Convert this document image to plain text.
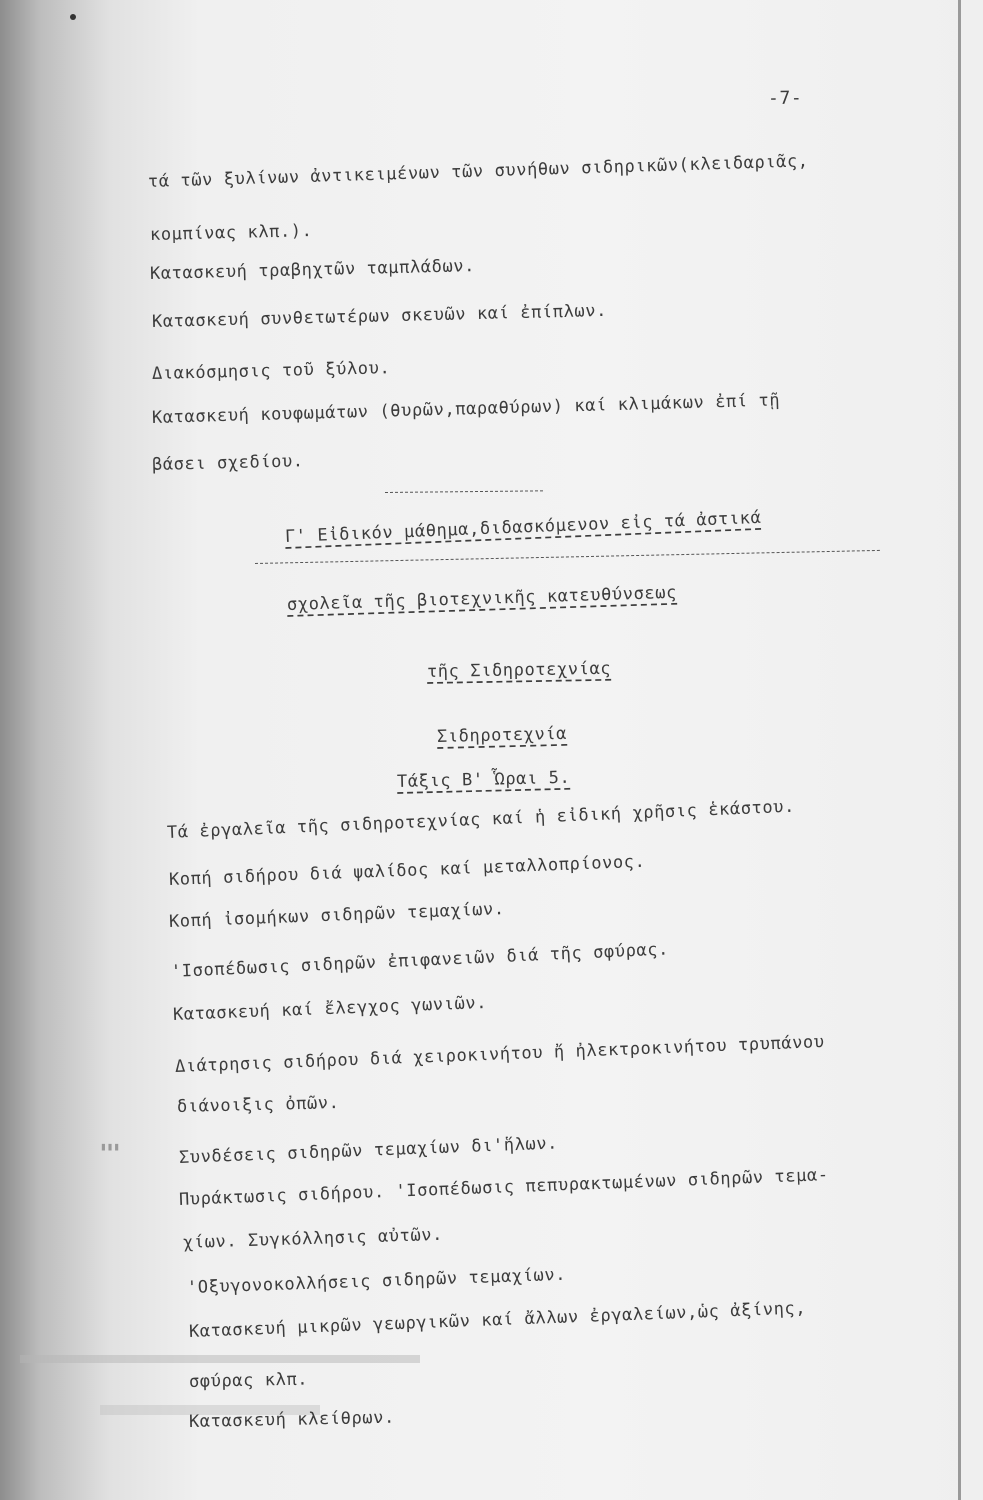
▮▮▮
-7-
τά τῶν ξυλίνων ἀντικειμένων τῶν συνήθων σιδηρικῶν(κλειδαριᾶς,
κομπίνας κλπ.).
Κατασκευή τραβηχτῶν ταμπλάδων.
Κατασκευή συνθετωτέρων σκευῶν καί ἐπίπλων.
Διακόσμησις τοῦ ξύλου.
Κατασκευή κουφωμάτων (θυρῶν,παραθύρων) καί κλιμάκων ἐπί τῇ
βάσει σχεδίου.
Γ' Εἰδικόν μάθημα,διδασκόμενον εἰς τά ἀστικά
σχολεῖα τῆς βιοτεχνικῆς κατευθύνσεως
τῆς Σιδηροτεχνίας
Σιδηροτεχνία
Τάξις Β' Ὧραι 5.
Τά ἐργαλεῖα τῆς σιδηροτεχνίας καί ἡ εἰδική χρῆσις ἑκάστου.
Κοπή σιδήρου διά ψαλίδος καί μεταλλοπρίονος.
Κοπή ἰσομήκων σιδηρῶν τεμαχίων.
'Ισοπέδωσις σιδηρῶν ἐπιφανειῶν διά τῆς σφύρας.
Κατασκευή καί ἔλεγχος γωνιῶν.
Διάτρησις σιδήρου διά χειροκινήτου ἤ ἠλεκτροκινήτου τρυπάνου
διάνοιξις ὀπῶν.
Συνδέσεις σιδηρῶν τεμαχίων δι'ἥλων.
Πυράκτωσις σιδήρου. 'Ισοπέδωσις πεπυρακτωμένων σιδηρῶν τεμα-
χίων. Συγκόλλησις αὐτῶν.
'Οξυγονοκολλήσεις σιδηρῶν τεμαχίων.
Κατασκευή μικρῶν γεωργικῶν καί ἄλλων ἐργαλείων,ὡς ἀξίνης,
σφύρας κλπ.
Κατασκευή κλείθρων.
